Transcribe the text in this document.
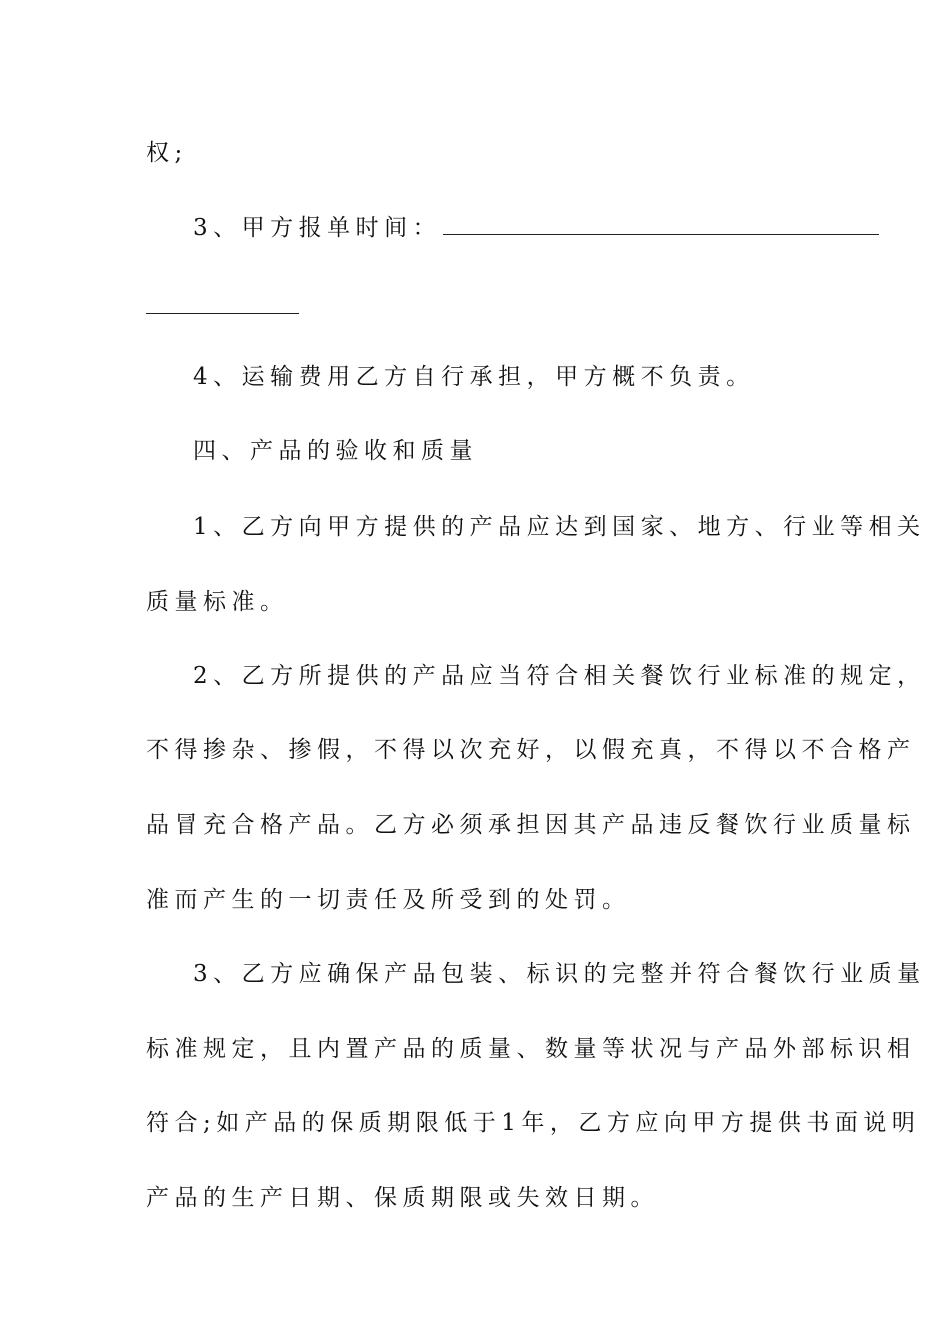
权;
3、甲方报单时间：
4、运输费用乙方自行承担，甲方概不负责。
四、产品的验收和质量
1、乙方向甲方提供的产品应达到国家、地方、行业等相关
质量标准。
2、乙方所提供的产品应当符合相关餐饮行业标准的规定，
不得掺杂、掺假，不得以次充好，以假充真，不得以不合格产
品冒充合格产品。乙方必须承担因其产品违反餐饮行业质量标
准而产生的一切责任及所受到的处罚。
3、乙方应确保产品包装、标识的完整并符合餐饮行业质量
标准规定，且内置产品的质量、数量等状况与产品外部标识相
符合;如产品的保质期限低于1年，乙方应向甲方提供书面说明
产品的生产日期、保质期限或失效日期。
